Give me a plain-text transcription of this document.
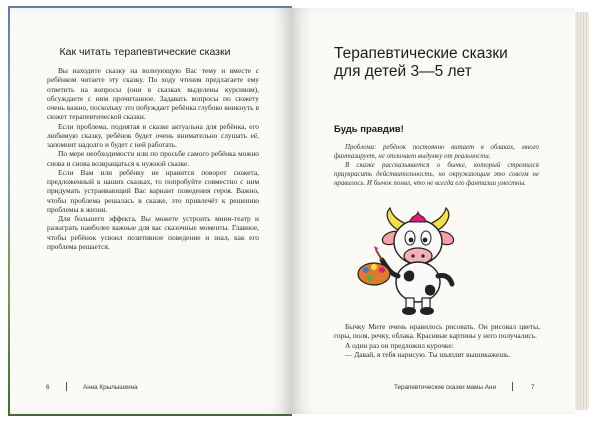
Как читать терапевтические сказки

Вы находите сказку на волнующую Вас тему и вместе с ребёнком читаете эту сказку. По ходу чтения предлагаете ему ответить на вопросы (они в сказках выделены курсивом), обсуждаете с ним прочитанное. Задавать вопросы по сюжету очень важно, поскольку это побуждает ребёнка глубоко вникнуть в сюжет терапевтической сказки.

Если проблема, поднятая в сказке актуальна для ребёнка, его любимую сказку, ребёнок будет очень внимательно слушать её, запомнит надолго и будет с ней работать.

По мере необходимости или по просьбе самого ребёнка можно снова и снова возвращаться к нужной сказке.

Если Вам или ребёнку не нравится поворот сюжета, предложенный в наших сказках, то попробуйте совместно с ним придумать устраивающий Вас вариант поведения героя. Важно, чтобы проблема решалась в сказке, это привлечёт к решению проблемы в жизни.

Для большего эффекта, Вы можете устроить мини-театр и разыграть наиболее важные для вас сказочные моменты. Главное, чтобы ребёнок усвоил позитивное поведение и знал, как его проблема решается.

6	Анна Крылышкина
Терапевтические сказки для детей 3—5 лет
Будь правдив!

Проблема: ребёнок постоянно витает в облаках, много фантазирует, не отличает выдумку от реальности.

В сказке рассказывается о бычке, который стремился приукрасить действительность, но окружающим это совсем не нравилось. И бычок понял, что не всегда его фантазии уместны.

Бычку Мите очень нравилось рисовать. Он рисовал цветы, горы, поля, речку, облака. Красивые картины у него получались.

А один раз он предложил курочке:

— Давай, я тебя нарисую. Ты шыплят вышикажешь.

Терапевтические сказки мамы Ани	7
